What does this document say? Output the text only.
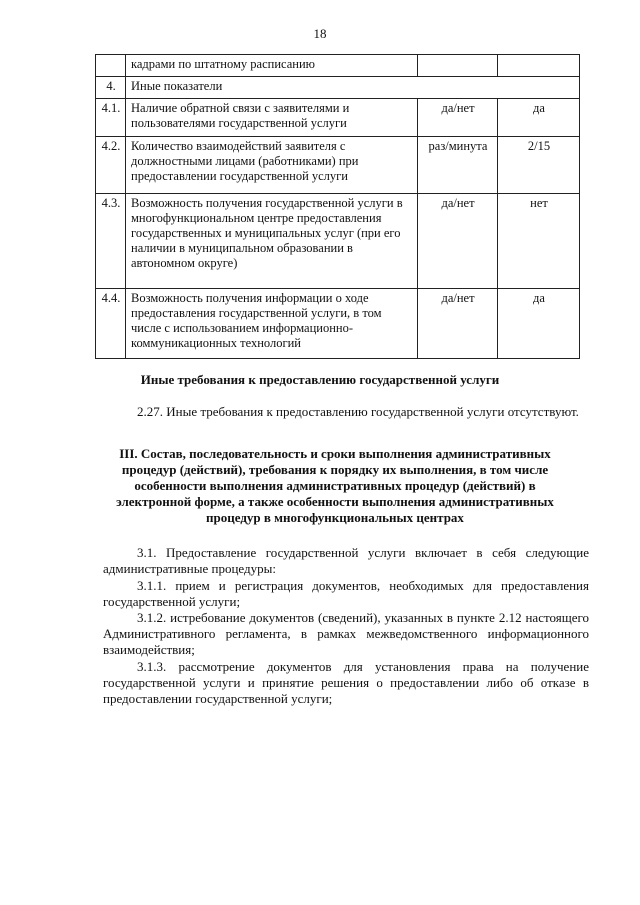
18
	кадрами по штатному расписанию		
4.	Иные показатели		
4.1.	Наличие обратной связи с заявителями и пользователями государственной услуги	да/нет	да
4.2.	Количество взаимодействий заявителя с должностными лицами (работниками) при предоставлении государственной услуги	раз/минута	2/15
4.3.	Возможность получения государственной услуги в многофункциональном центре предоставления государственных и муниципальных услуг (при его наличии в муниципальном образовании в автономном округе)	да/нет	нет
4.4.	Возможность получения информации о ходе предоставления государственной услуги, в том числе с использованием информационно-коммуникационных технологий	да/нет	да
Иные требования к предоставлению государственной услуги
2.27. Иные требования к предоставлению государственной услуги отсутствуют.
III. Состав, последовательность и сроки выполнения административных процедур (действий), требования к порядку их выполнения, в том числе особенности выполнения административных процедур (действий) в электронной форме, а также особенности выполнения административных процедур в многофункциональных центрах
3.1. Предоставление государственной услуги включает в себя следующие административные процедуры:
3.1.1. прием и регистрация документов, необходимых для предоставления государственной услуги;
3.1.2. истребование документов (сведений), указанных в пункте 2.12 настоящего Административного регламента, в рамках межведомственного информационного взаимодействия;
3.1.3. рассмотрение документов для установления права на получение государственной услуги и принятие решения о предоставлении либо об отказе в предоставлении государственной услуги;
